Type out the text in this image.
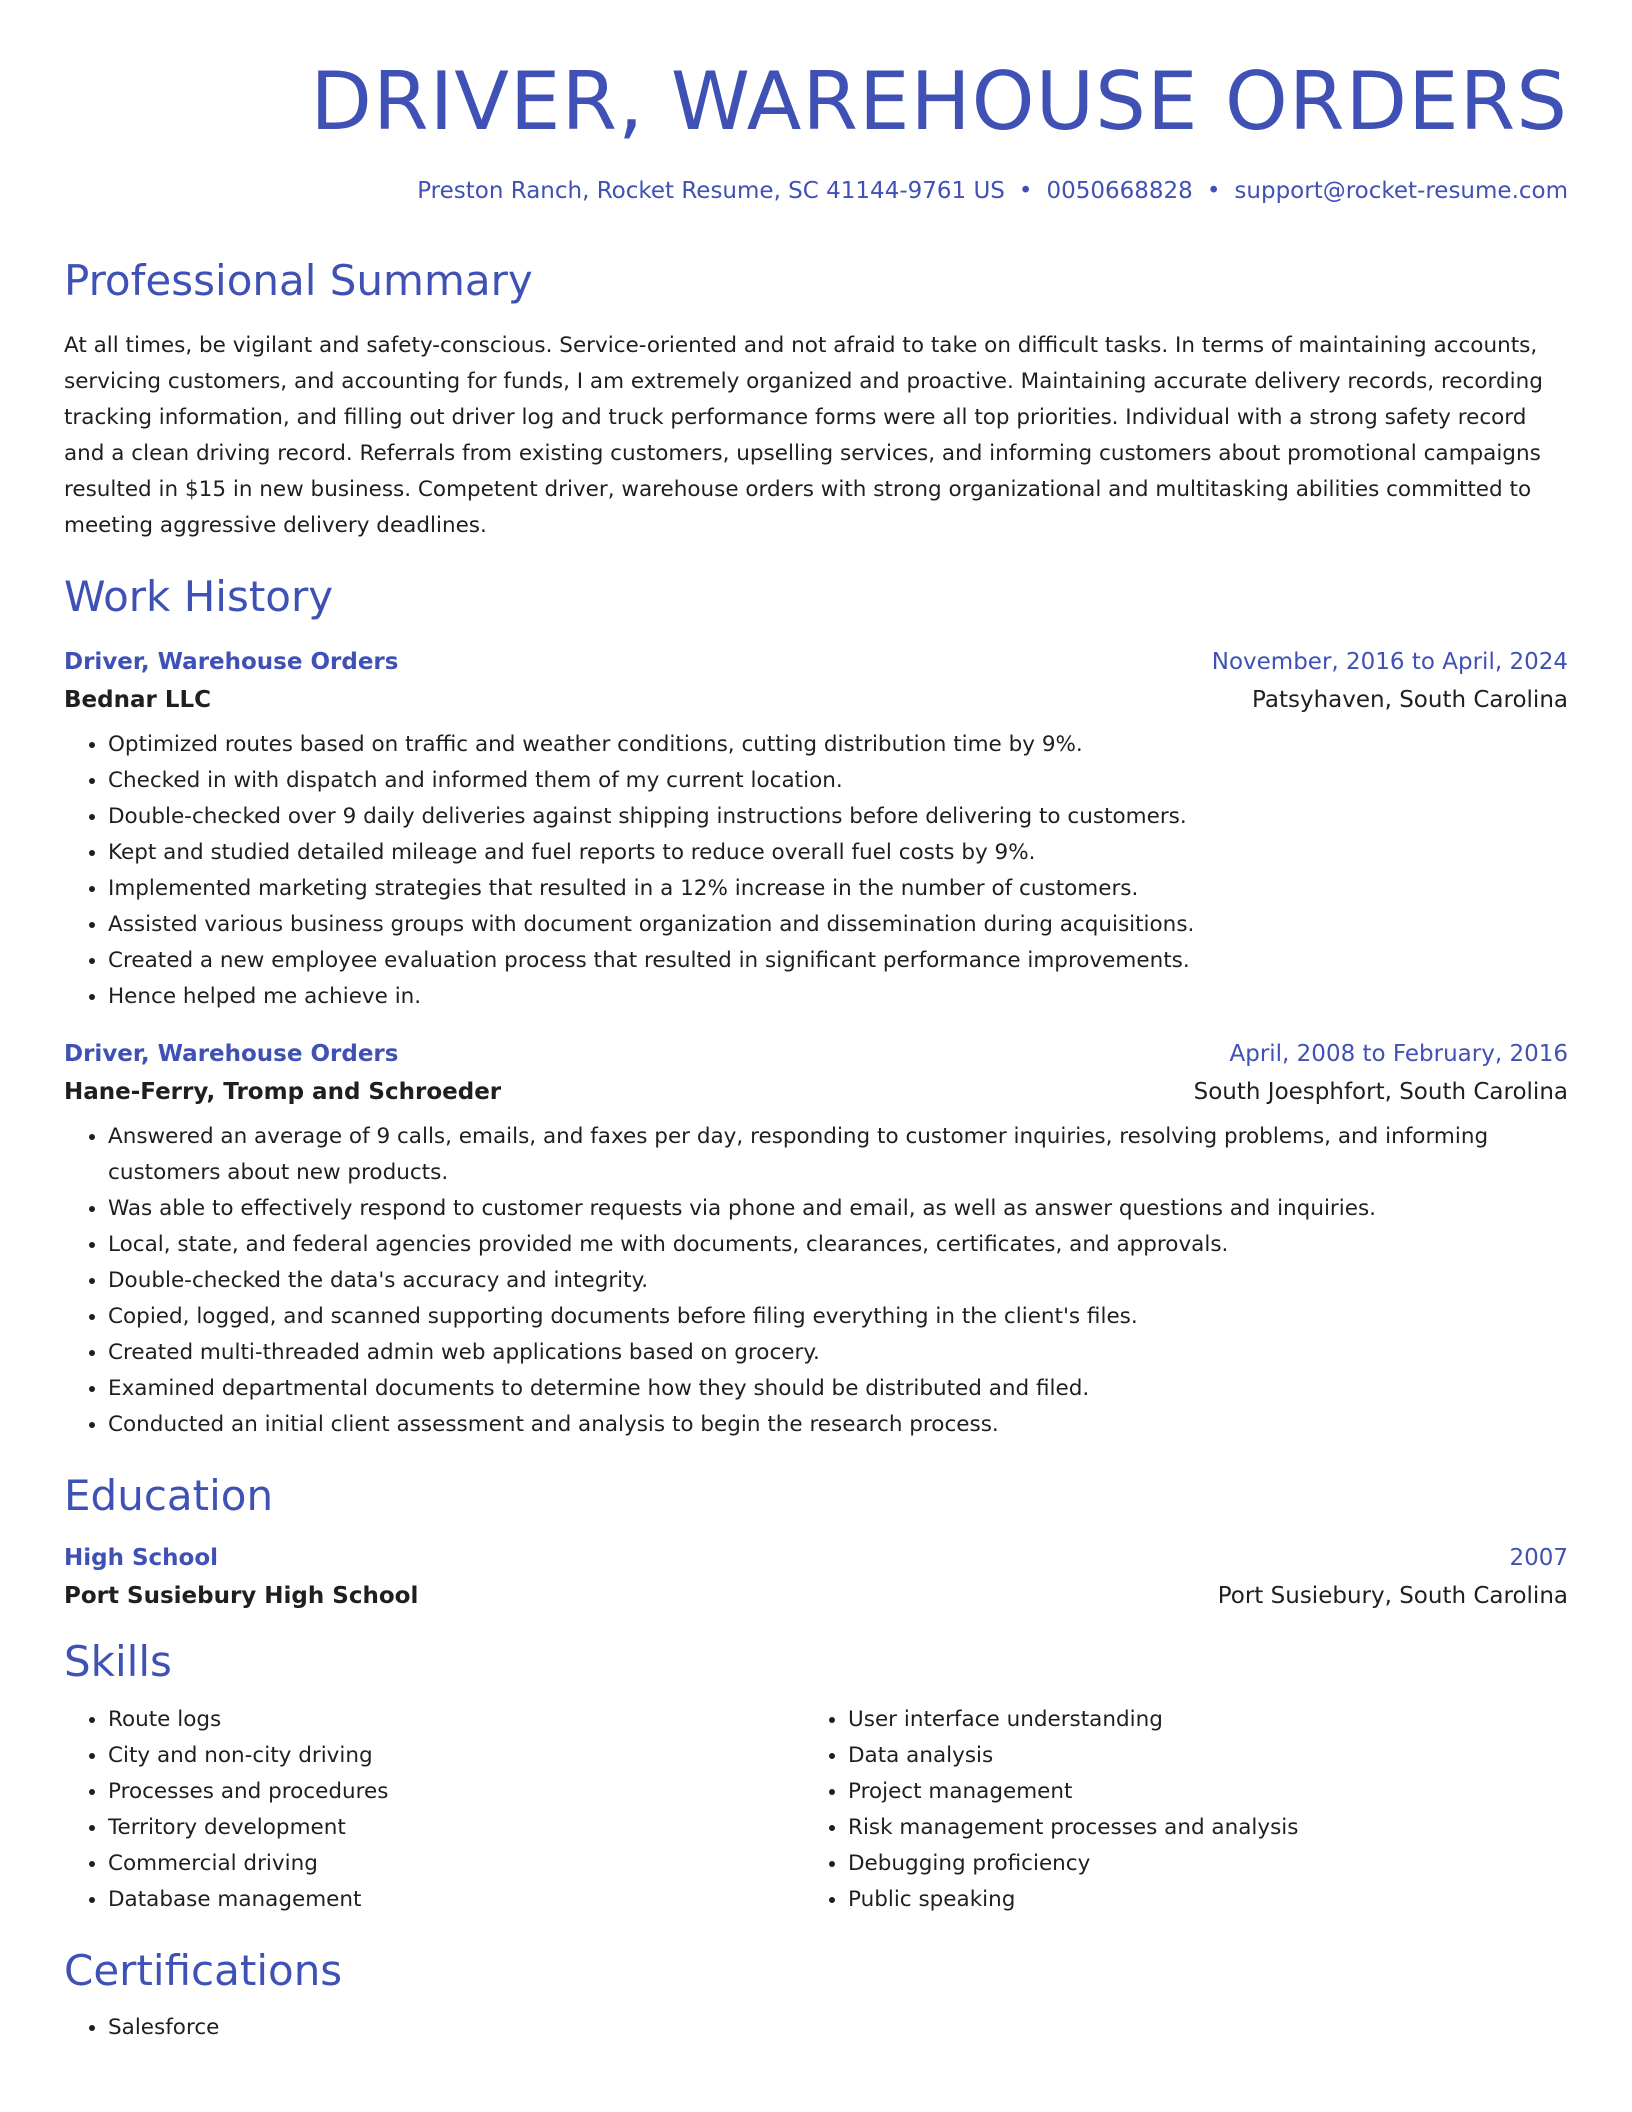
DRIVER, WAREHOUSE ORDERS
Preston Ranch, Rocket Resume, SC 41144-9761 US • 0050668828 • support@rocket-resume.com
Professional Summary
At all times, be vigilant and safety-conscious. Service-oriented and not afraid to take on difficult tasks. In terms of maintaining accounts, servicing customers, and accounting for funds, I am extremely organized and proactive. Maintaining accurate delivery records, recording tracking information, and filling out driver log and truck performance forms were all top priorities. Individual with a strong safety record and a clean driving record. Referrals from existing customers, upselling services, and informing customers about promotional campaigns resulted in $15 in new business. Competent driver, warehouse orders with strong organizational and multitasking abilities committed to meeting aggressive delivery deadlines.
Work History
Driver, Warehouse Orders	November, 2016 to April, 2024
Bednar LLC	Patsyhaven, South Carolina
• Optimized routes based on traffic and weather conditions, cutting distribution time by 9%.
• Checked in with dispatch and informed them of my current location.
• Double-checked over 9 daily deliveries against shipping instructions before delivering to customers.
• Kept and studied detailed mileage and fuel reports to reduce overall fuel costs by 9%.
• Implemented marketing strategies that resulted in a 12% increase in the number of customers.
• Assisted various business groups with document organization and dissemination during acquisitions.
• Created a new employee evaluation process that resulted in significant performance improvements.
• Hence helped me achieve in.
Driver, Warehouse Orders	April, 2008 to February, 2016
Hane-Ferry, Tromp and Schroeder	South Joesphfort, South Carolina
• Answered an average of 9 calls, emails, and faxes per day, responding to customer inquiries, resolving problems, and informing customers about new products.
• Was able to effectively respond to customer requests via phone and email, as well as answer questions and inquiries.
• Local, state, and federal agencies provided me with documents, clearances, certificates, and approvals.
• Double-checked the data's accuracy and integrity.
• Copied, logged, and scanned supporting documents before filing everything in the client's files.
• Created multi-threaded admin web applications based on grocery.
• Examined departmental documents to determine how they should be distributed and filed.
• Conducted an initial client assessment and analysis to begin the research process.
Education
High School	2007
Port Susiebury High School	Port Susiebury, South Carolina
Skills
• Route logs
• City and non-city driving
• Processes and procedures
• Territory development
• Commercial driving
• Database management
• User interface understanding
• Data analysis
• Project management
• Risk management processes and analysis
• Debugging proficiency
• Public speaking
Certifications
• Salesforce
